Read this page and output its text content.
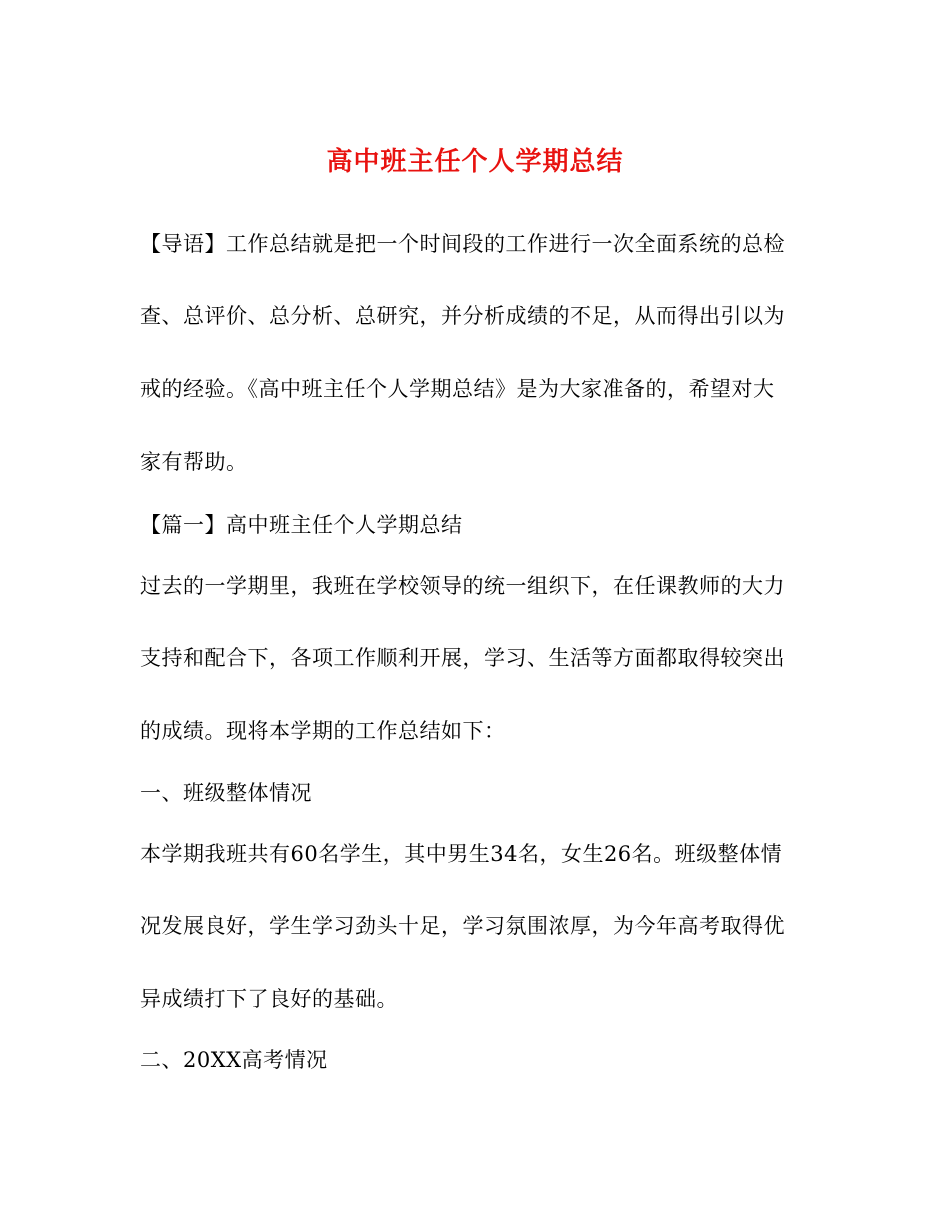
高中班主任个人学期总结
【导语】工作总结就是把一个时间段的工作进行一次全面系统的总检
查、总评价、总分析、总研究，并分析成绩的不足，从而得出引以为
戒的经验。《高中班主任个人学期总结》是为大家准备的，希望对大
家有帮助。
【篇一】高中班主任个人学期总结
过去的一学期里，我班在学校领导的统一组织下，在任课教师的大力
支持和配合下，各项工作顺利开展，学习、生活等方面都取得较突出
的成绩。现将本学期的工作总结如下：
一、班级整体情况
本学期我班共有60名学生，其中男生34名，女生26名。班级整体情
况发展良好，学生学习劲头十足，学习氛围浓厚，为今年高考取得优
异成绩打下了良好的基础。
二、20XX高考情况
